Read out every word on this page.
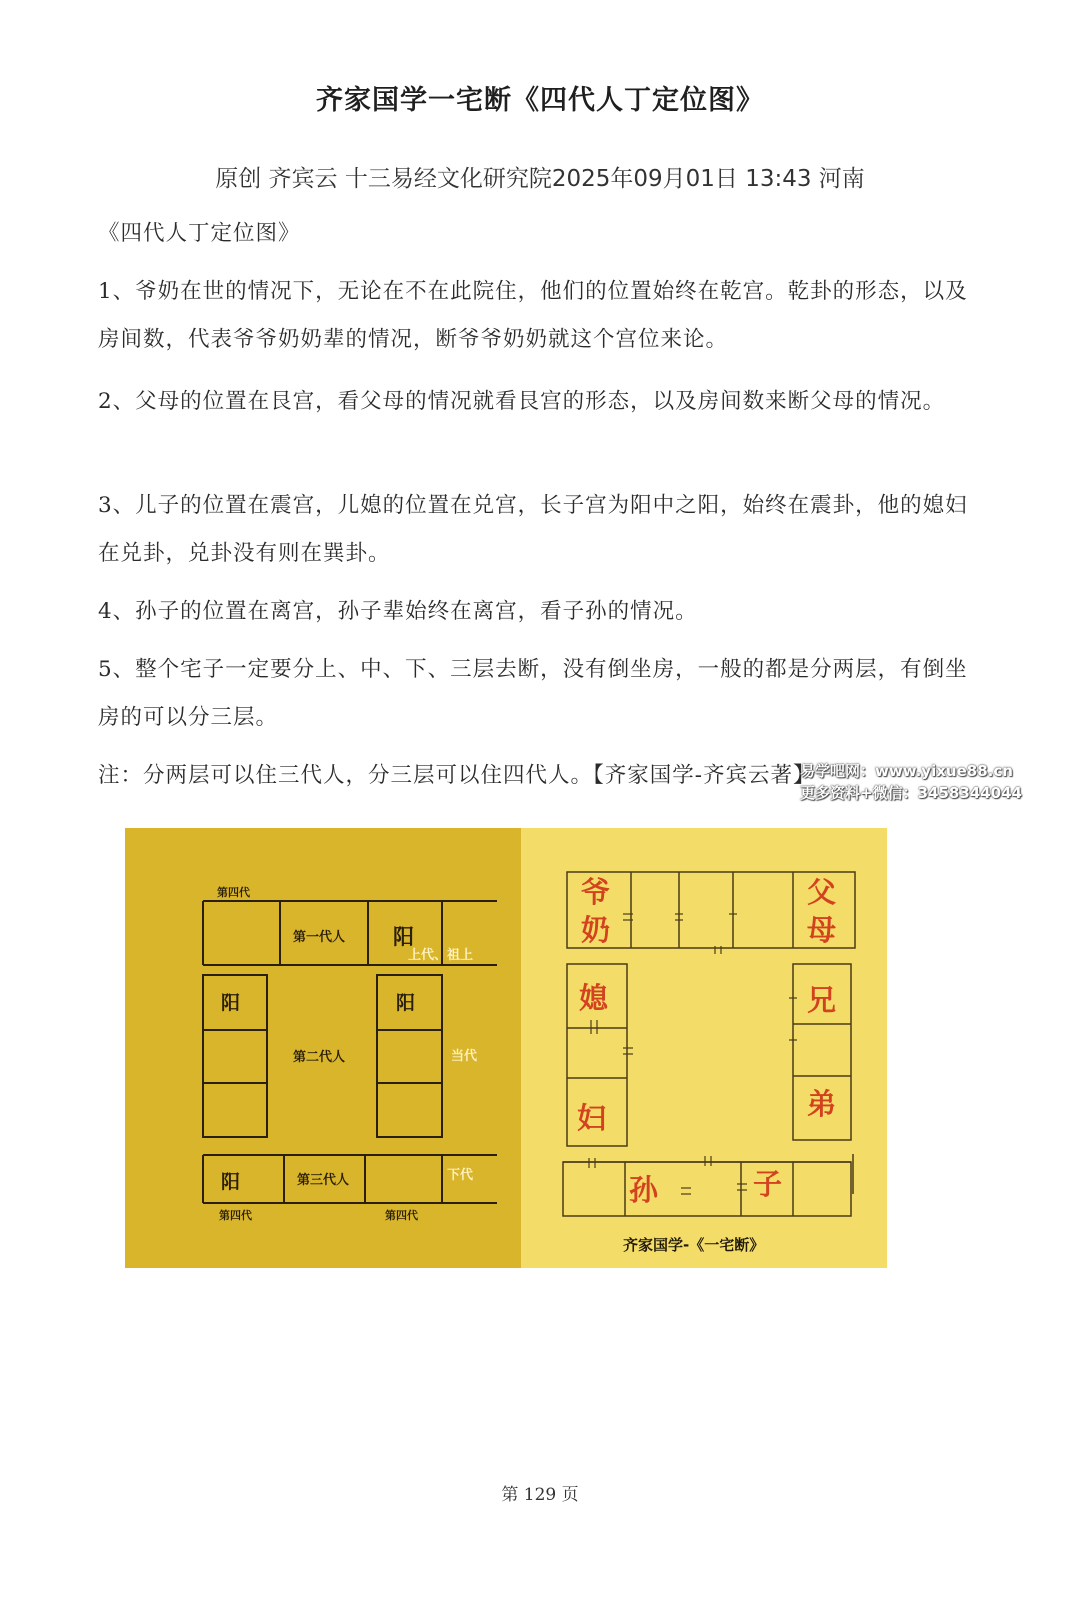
齐家国学一宅断《四代人丁定位图》
原创 齐宾云 十三易经文化研究院2025年09月01日 13:43 河南
《四代人丁定位图》
1、爷奶在世的情况下，无论在不在此院住，他们的位置始终在乾宫。乾卦的形态，以及房间数，代表爷爷奶奶辈的情况，断爷爷奶奶就这个宫位来论。
2、父母的位置在艮宫，看父母的情况就看艮宫的形态，以及房间数来断父母的情况。
3、儿子的位置在震宫，儿媳的位置在兑宫，长子宫为阳中之阳，始终在震卦，他的媳妇在兑卦，兑卦没有则在巽卦。
4、孙子的位置在离宫，孙子辈始终在离宫，看子孙的情况。
5、整个宅子一定要分上、中、下、三层去断，没有倒坐房，一般的都是分两层，有倒坐房的可以分三层。
注：分两层可以住三代人，分三层可以住四代人。【齐家国学-齐宾云著】
易学吧网：www.yixue88.cn
更多资料+微信：3458344044
第四代
第一代人 阳
上代、祖上
阳	阳
第二代人	当代
阳	第三代人	下代
第四代	第四代
爷
奶
父
母
媳	兄
弟
妇
孙	子
齐家国学-《一宅断》
第 129 页
